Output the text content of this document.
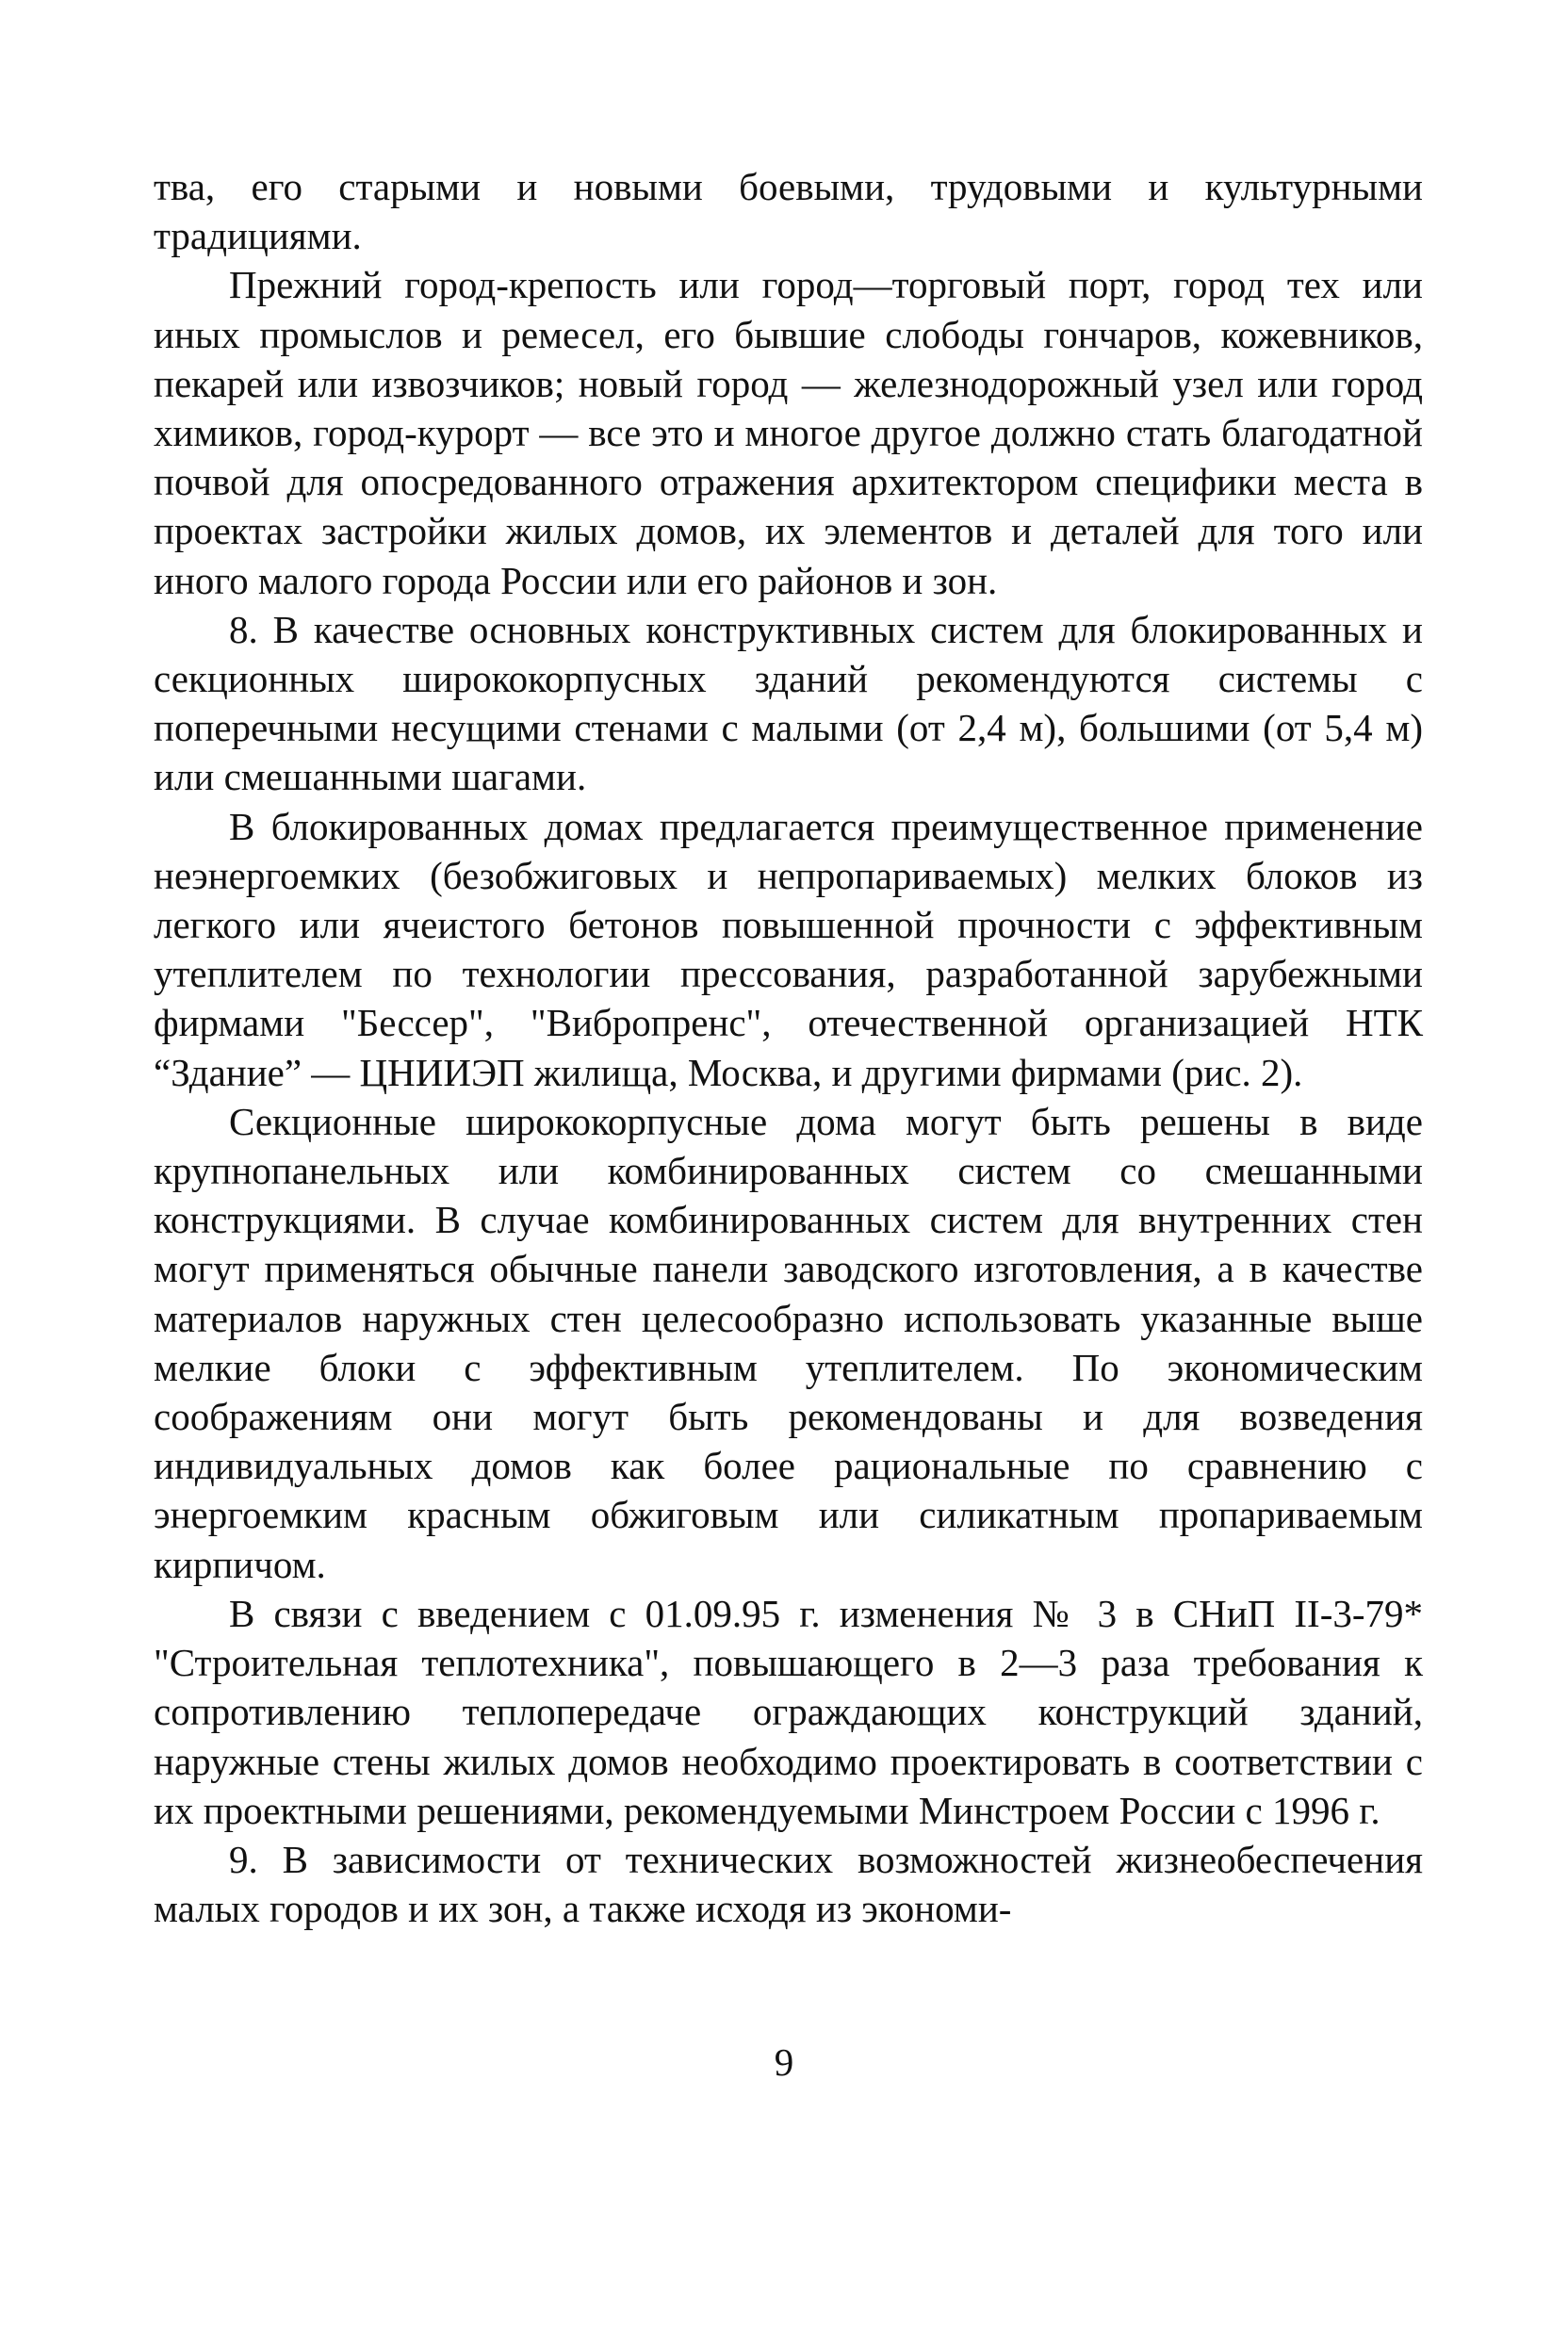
тва, его старыми и новыми боевыми, трудовыми и культурными традициями.

Прежний город-крепость или город—торговый порт, город тех или иных промыслов и ремесел, его бывшие слободы гончаров, кожевников, пекарей или извозчиков; новый город — железнодорожный узел или город химиков, город-курорт — все это и многое другое должно стать благодатной почвой для опосредованного отражения архитектором специфики места в проектах застройки жилых домов, их элементов и деталей для того или иного малого города России или его районов и зон.

8. В качестве основных конструктивных систем для блокированных и секционных ширококорпусных зданий рекомендуются системы с поперечными несущими стенами с малыми (от 2,4 м), большими (от 5,4 м) или смешанными шагами.

В блокированных домах предлагается преимущественное применение неэнергоемких (безобжиговых и непропариваемых) мелких блоков из легкого или ячеистого бетонов повышенной прочности с эффективным утеплителем по технологии прессования, разработанной зарубежными фирмами "Бессер", "Вибропренс", отечественной организацией НТК “Здание” — ЦНИИЭП жилища, Москва, и другими фирмами (рис. 2).

Секционные ширококорпусные дома могут быть решены в виде крупнопанельных или комбинированных систем со смешанными конструкциями. В случае комбинированных систем для внутренних стен могут применяться обычные панели заводского изготовления, а в качестве материалов наружных стен целесообразно использовать указанные выше мелкие блоки с эффективным утеплителем. По экономическим соображениям они могут быть рекомендованы и для возведения индивидуальных домов как более рациональные по сравнению с энергоемким красным обжиговым или силикатным пропариваемым кирпичом.

В связи с введением с 01.09.95 г. изменения № 3 в СНиП II-3-79* "Строительная теплотехника", повышающего в 2—3 раза требования к сопротивлению теплопередаче ограждающих конструкций зданий, наружные стены жилых домов необходимо проектировать в соответствии с их проектными решениями, рекомендуемыми Минстроем России с 1996 г.

9. В зависимости от технических возможностей жизнеобеспечения малых городов и их зон, а также исходя из экономи-

9
